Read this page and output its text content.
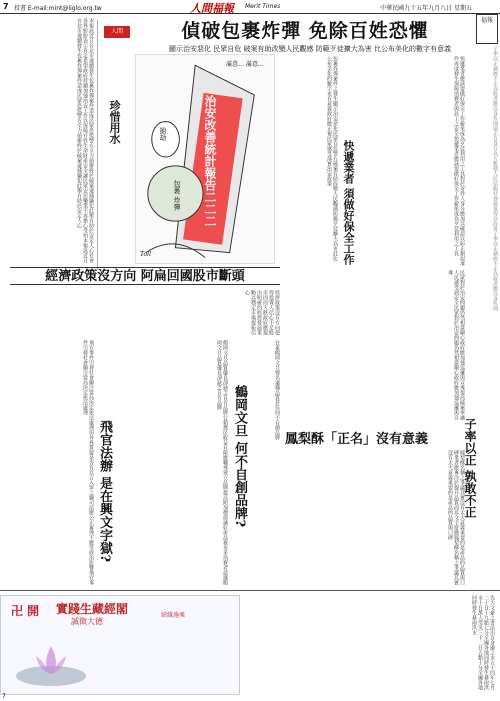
7 投書 E-mail:mint@liglo.org.tw	人間福報 Merit Times	中華民國九十五年九月八日 星期五
福報
本報訊近日台北市連續發生包裹炸彈案件造成民眾恐慌警方全力偵辦終於破案逮捕嫌犯此舉有助於安定人心社會各界紛紛表示肯定希望政府持續加強治安工作以保障百姓生命財產安全讓民眾安居樂業不再擔心受怕本報訊近日台北市連續發生包裹炸彈案件造成民眾恐慌警方全力偵辦終於破案逮捕嫌犯此舉有助於安定人心	人間
珍惜用水
偵破包裹炸彈 免除百姓恐懼
顯示治安惡化 民眾自危 破案有助改變人民觀感 防範歹徒擴大為害 比公布美化的數字有意義
治安改善統計報告二二二
搶劫
包裹 炸彈
滿意… 滿意…
Toll	包裹炸彈案件之發生顯示治安惡化民眾自危警方破案有助改變人民觀感防範歹徒擴大為害此比公布美化的數字更有意義政府應正視民眾感受落實治安政策
快遞業者 須做好保全工作	快遞業者應該要做好保全工作避免成為歹徒利用之工具對於寄件人身分應加以確認以防止類似事件再度發生保障消費者與員工之安全快遞業者應該要做好保全工作避免成為歹徒利用之工具	子率以正孰敢不正為政者應以身作則端正自身行為方能使人民信服社會風氣得以改善子率以正孰敢不正為政者應以身作則
子率以正 孰敢不正
經濟政策沒方向 阿扁回國股市斷頭
經濟政策沒有方向使得投資人信心不足股市因而大跌政府應提出明確的經濟發展策略以穩定市場提振信心
飛官事件引發社會關注當局決定依法處理但外界質疑是否有以言入罪之嫌司法應公正審理不應受政治影響飛官事件引發社會關注當局決定依法處理
飛官法辦 是在興文字獄?	鶴岡文旦品質優良卻缺乏自有品牌行銷農民收益有限應輔導建立品牌提高附加價值讓好產品被更多消費者認識鶴岡文旦品質優良卻缺乏自有品牌
鶴岡文旦 何不自創品牌?	台東鶴岡文旦聲名遠播品質甚佳何不自創品牌 鳳梨酥「正名」沒有意義
鳳梨酥名稱之爭議其實沒有太大意義重要的是產品的品質與口碑業者應專注於提升品質而非文字遊戲鳳梨酥名稱之爭議其實沒有太大意義重要的是產品的品質與口碑
民眾對於治安問題仍然相當關心政府應加強巡邏與宣導提高破案率讓人民感受到安全民眾對於治安問題仍然相當關心政府應加強巡邏與宣導
卍 開 實踐生藏經閣	結緣施乘
誠徵大德	先大文豪之書法出自身邊之水五十四年七月二十日十九點七分全國各地同時發生暴雨洪水十日萬人受災三十二日五點十分全國各地同時發生暴雨洪水
7
